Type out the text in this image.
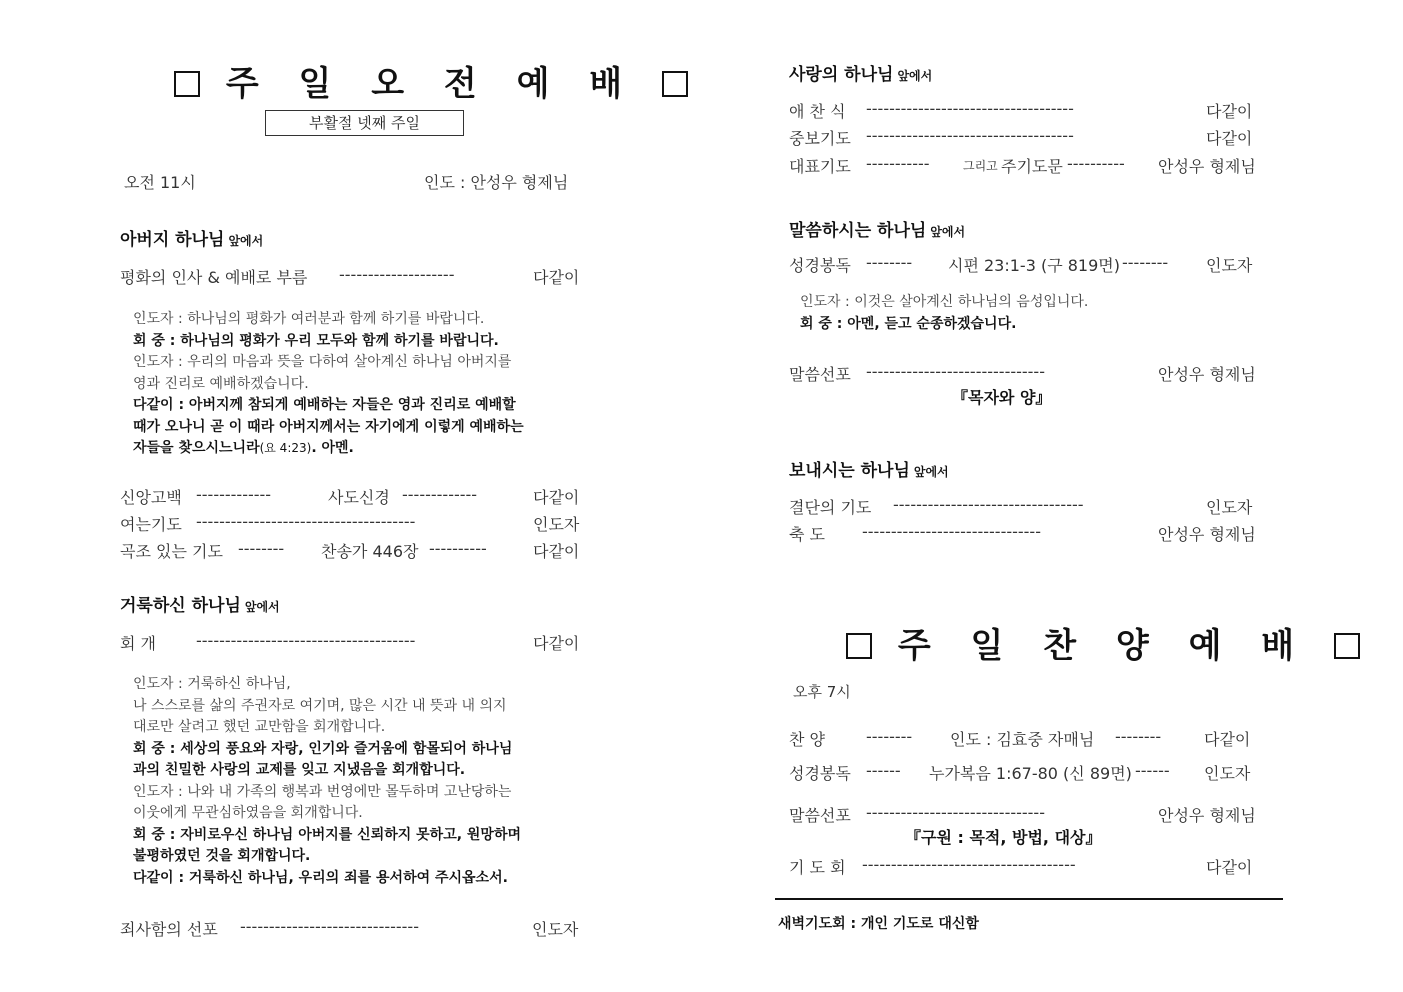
주 일 오 전 예 배
부활절 넷째 주일
오전 11시	인도 : 안성우 형제님
아버지 하나님 앞에서
평화의 인사 & 예배로 부름 --------------------	다같이
인도자 : 하나님의 평화가 여러분과 함께 하기를 바랍니다.
회 중 : 하나님의 평화가 우리 모두와 함께 하기를 바랍니다.
인도자 : 우리의 마음과 뜻을 다하여 살아계신 하나님 아버지를
영과 진리로 예배하겠습니다.
다같이 : 아버지께 참되게 예배하는 자들은 영과 진리로 예배할
때가 오나니 곧 이 때라 아버지께서는 자기에게 이렇게 예배하는
자들을 찾으시느니라(요 4:23). 아멘.
신앙고백 -------------	사도신경 -------------	다같이
여는기도 --------------------------------------	인도자
곡조 있는 기도 -------- 찬송가 446장 ----------	다같이
거룩하신 하나님 앞에서
회 개	--------------------------------------	다같이
인도자 : 거룩하신 하나님,
나 스스로를 삶의 주권자로 여기며, 많은 시간 내 뜻과 내 의지
대로만 살려고 했던 교만함을 회개합니다.
회 중 : 세상의 풍요와 자랑, 인기와 즐거움에 함몰되어 하나님
과의 친밀한 사랑의 교제를 잊고 지냈음을 회개합니다.
인도자 : 나와 내 가족의 행복과 번영에만 몰두하며 고난당하는
이웃에게 무관심하였음을 회개합니다.
회 중 : 자비로우신 하나님 아버지를 신뢰하지 못하고, 원망하며
불평하였던 것을 회개합니다.
다같이 : 거룩하신 하나님, 우리의 죄를 용서하여 주시옵소서.
죄사함의 선포 -------------------------------	인도자
사랑의 하나님 앞에서
애 찬 식 ------------------------------------	다같이
중보기도 ------------------------------------	다같이
대표기도 -----------	그리고 주기도문 ---------- 안성우 형제님
말씀하시는 하나님 앞에서
성경봉독 -------- 시편 23:1-3 (구 819면) -------- 인도자
인도자 : 이것은 살아계신 하나님의 음성입니다.
회 중 : 아멘, 듣고 순종하겠습니다.
말씀선포 -------------------------------	안성우 형제님
『목자와 양』
보내시는 하나님 앞에서
결단의 기도 ---------------------------------	인도자
축 도 -------------------------------	안성우 형제님
주 일 찬 양 예 배
오후 7시
찬 양	-------- 인도 : 김효중 자매님 --------	다같이
성경봉독 ------ 누가복음 1:67-80 (신 89면) ------ 인도자
말씀선포 -------------------------------	안성우 형제님
『구원 : 목적, 방법, 대상』
기 도 회 -------------------------------------	다같이
새벽기도회 : 개인 기도로 대신함
